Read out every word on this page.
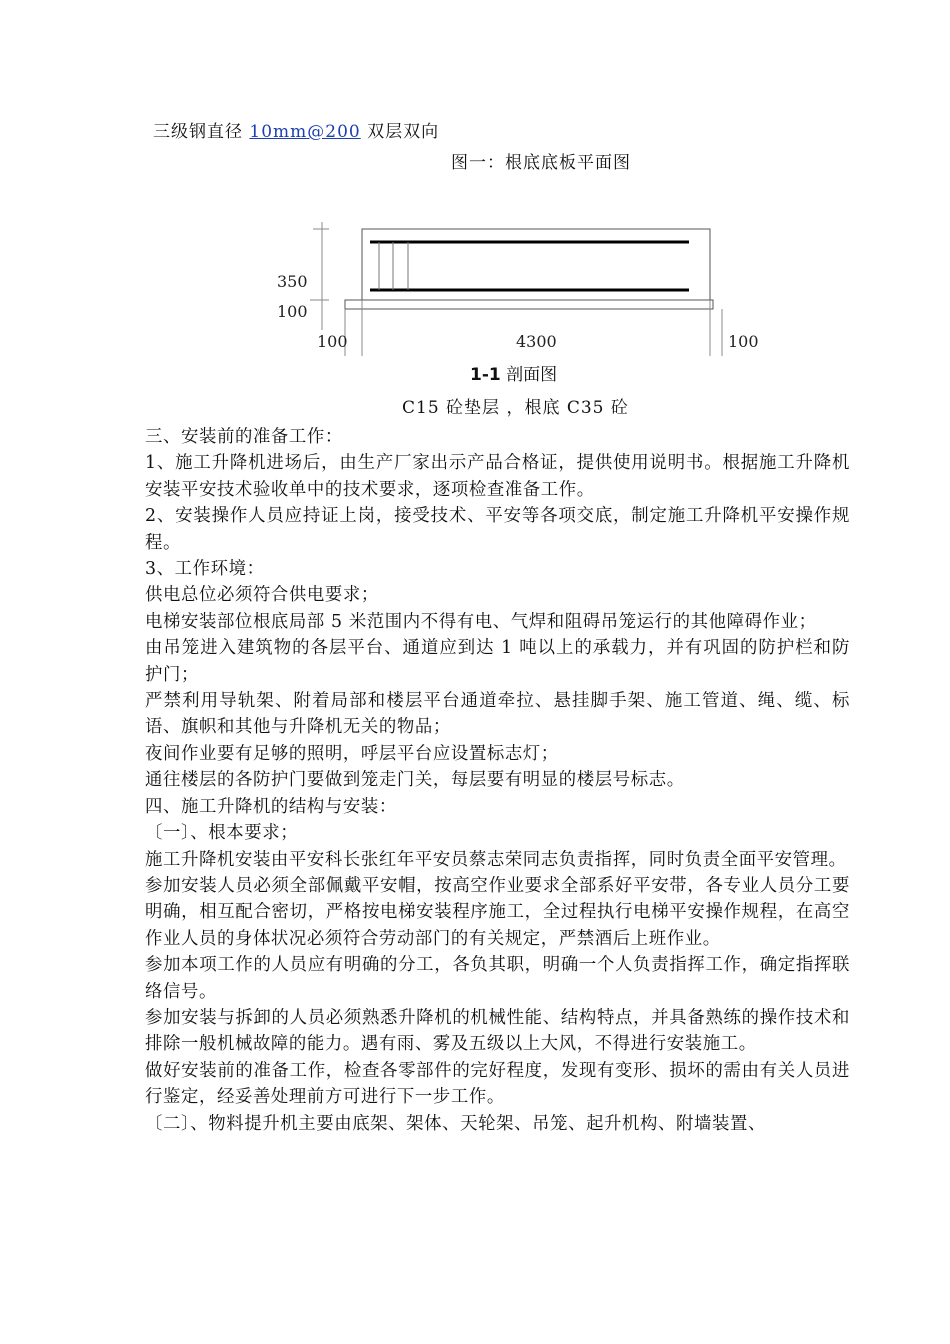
三级钢直径 10mm@200 双层双向
图一：根底底板平面图
350
100
100	4300	100
1-1 剖面图
C15 砼垫层 ，根底 C35 砼

三、安装前的准备工作：

1、施工升降机进场后，由生产厂家出示产品合格证，提供使用说明书。根据施工升降机安装平安技术验收单中的技术要求，逐项检查准备工作。

2、安装操作人员应持证上岗，接受技术、平安等各项交底，制定施工升降机平安操作规程。

3、工作环境：

供电总位必须符合供电要求；

电梯安装部位根底局部 5 米范围内不得有电、气焊和阻碍吊笼运行的其他障碍作业；

由吊笼进入建筑物的各层平台、通道应到达 1 吨以上的承载力，并有巩固的防护栏和防护门；

严禁利用导轨架、附着局部和楼层平台通道牵拉、悬挂脚手架、施工管道、绳、缆、标语、旗帜和其他与升降机无关的物品；

夜间作业要有足够的照明，呼层平台应设置标志灯；

通往楼层的各防护门要做到笼走门关，每层要有明显的楼层号标志。

四、施工升降机的结构与安装：

〔一〕、根本要求；

施工升降机安装由平安科长张红年平安员蔡志荣同志负责指挥，同时负责全面平安管理。

参加安装人员必须全部佩戴平安帽，按高空作业要求全部系好平安带，各专业人员分工要明确，相互配合密切，严格按电梯安装程序施工，全过程执行电梯平安操作规程，在高空作业人员的身体状况必须符合劳动部门的有关规定，严禁酒后上班作业。

参加本项工作的人员应有明确的分工，各负其职，明确一个人负责指挥工作，确定指挥联络信号。

参加安装与拆卸的人员必须熟悉升降机的机械性能、结构特点，并具备熟练的操作技术和排除一般机械故障的能力。遇有雨、雾及五级以上大风，不得进行安装施工。

做好安装前的准备工作，检查各零部件的完好程度，发现有变形、损坏的需由有关人员进行鉴定，经妥善处理前方可进行下一步工作。

〔二〕、物料提升机主要由底架、架体、天轮架、吊笼、起升机构、附墙装置、
